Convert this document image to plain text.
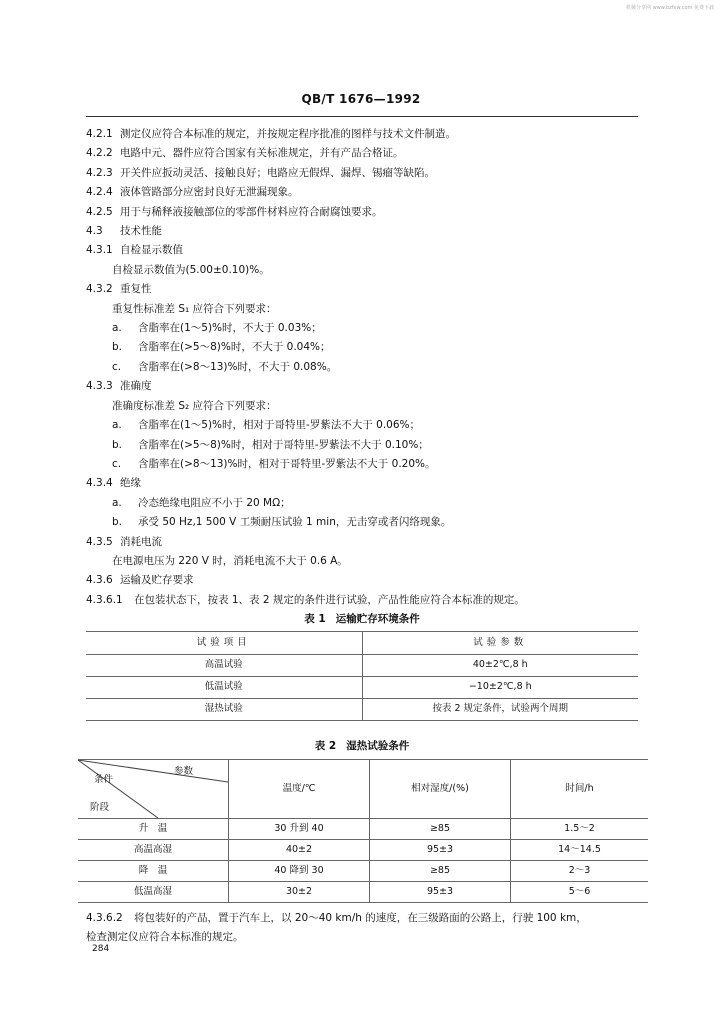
机械分享网 www.bzfxw.com 免费下载
QB/T 1676—1992
4.2.1 测定仪应符合本标准的规定，并按规定程序批准的图样与技术文件制造。
4.2.2 电路中元、器件应符合国家有关标准规定，并有产品合格证。
4.2.3 开关件应扳动灵活、接触良好；电路应无假焊、漏焊、锡瘤等缺陷。
4.2.4 液体管路部分应密封良好无泄漏现象。
4.2.5 用于与稀释液接触部位的零部件材料应符合耐腐蚀要求。
4.3 技术性能
4.3.1 自检显示数值
自检显示数值为(5.00±0.10)%。
4.3.2 重复性
重复性标准差 S₁ 应符合下列要求：
a. 含脂率在(1～5)%时，不大于 0.03%；
b. 含脂率在(>5～8)%时，不大于 0.04%；
c. 含脂率在(>8～13)%时，不大于 0.08%。
4.3.3 准确度
准确度标准差 S₂ 应符合下列要求：
a. 含脂率在(1～5)%时，相对于哥特里-罗紫法不大于 0.06%；
b. 含脂率在(>5～8)%时，相对于哥特里-罗紫法不大于 0.10%；
c. 含脂率在(>8～13)%时，相对于哥特里-罗紫法不大于 0.20%。
4.3.4 绝缘
a. 冷态绝缘电阻应不小于 20 MΩ；
b. 承受 50 Hz,1 500 V 工频耐压试验 1 min，无击穿或者闪络现象。
4.3.5 消耗电流
在电源电压为 220 V 时，消耗电流不大于 0.6 A。
4.3.6 运输及贮存要求
4.3.6.1 在包装状态下，按表 1、表 2 规定的条件进行试验，产品性能应符合本标准的规定。
表 1 运输贮存环境条件
试验项目	试验参数
高温试验	40±2℃,8 h
低温试验	−10±2℃,8 h
湿热试验	按表 2 规定条件，试验两个周期
表 2 湿热试验条件
条件
参数
阶段	温度/℃	相对湿度/(%)	时间/h
升　温	30 升到 40	≥85	1.5～2
高温高湿	40±2	95±3	14～14.5
降　温	40 降到 30	≥85	2～3
低温高湿	30±2	95±3	5～6
4.3.6.2 将包装好的产品，置于汽车上，以 20～40 km/h 的速度，在三级路面的公路上，行驶 100 km，
检查测定仪应符合本标准的规定。
284
